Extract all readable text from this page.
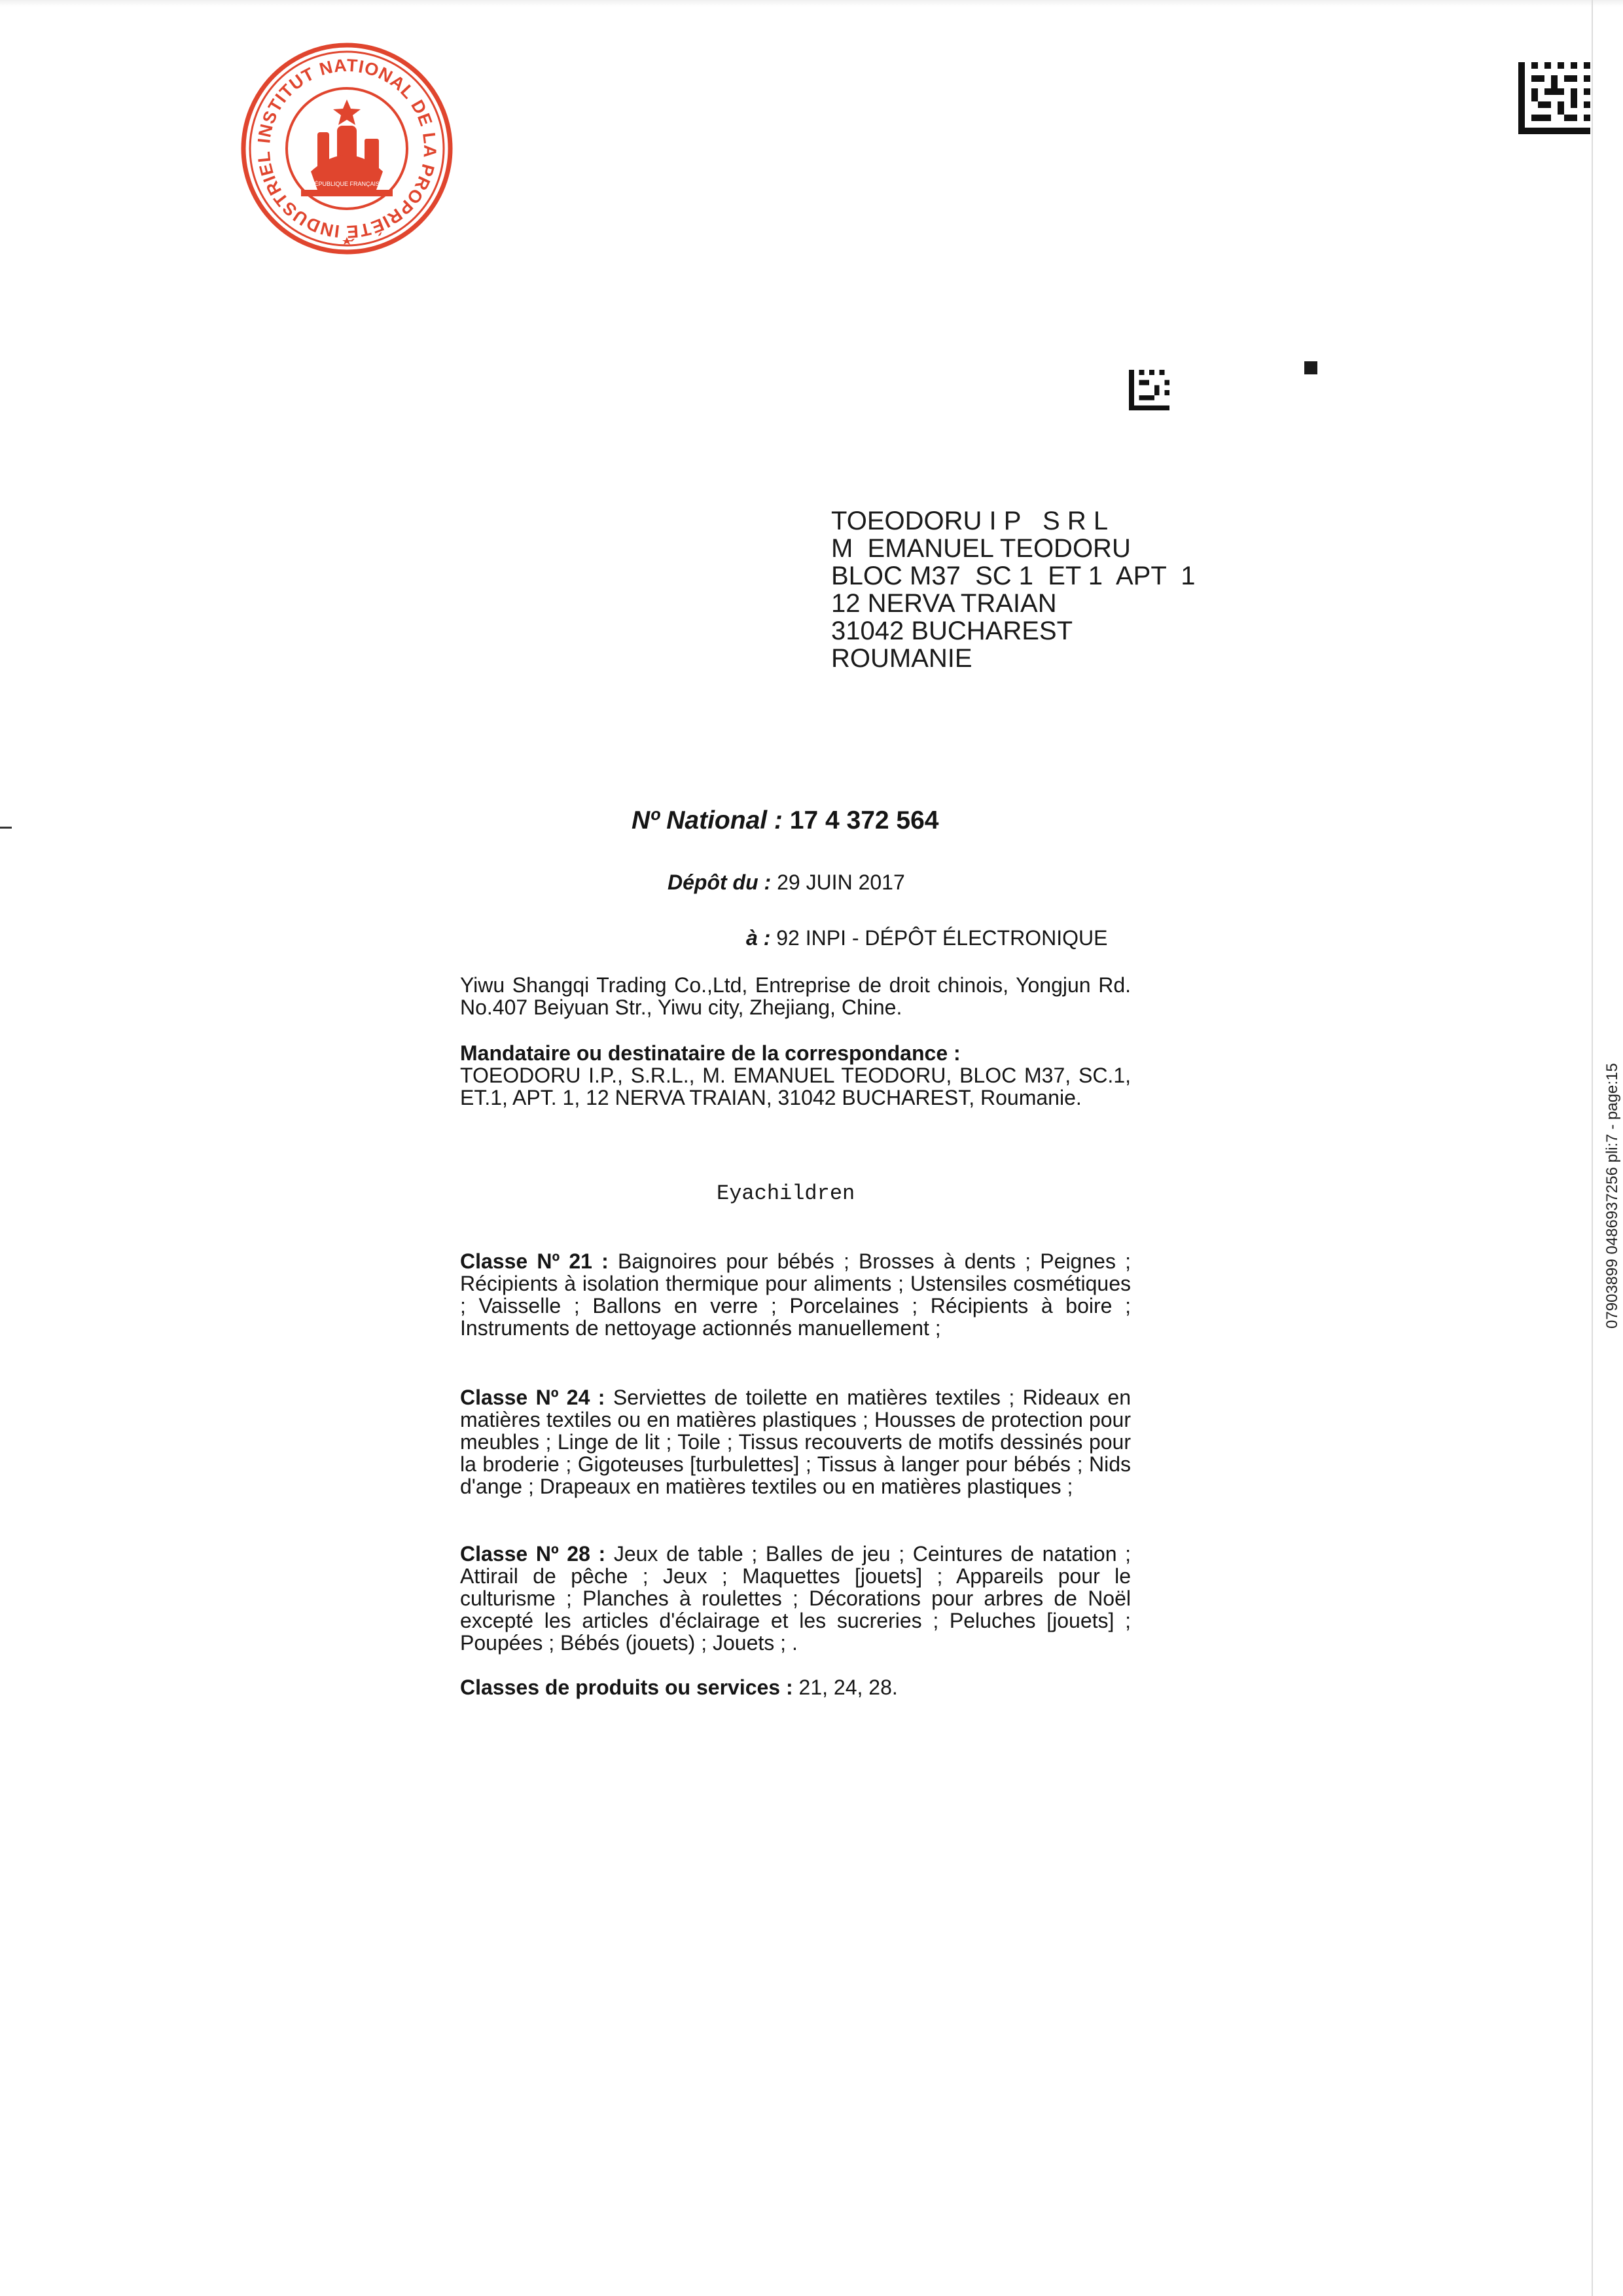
INSTITUT NATIONAL DE LA PROPRIÉTÉ INDUSTRIEL
RÉPUBLIQUE FRANÇAISE
TOEODORU I P   S R L
M  EMANUEL TEODORU
BLOC M37  SC 1  ET 1  APT  1
12 NERVA TRAIAN
31042 BUCHAREST
ROUMANIE
Nº National : 17 4 372 564
Dépôt du : 29 JUIN 2017
à : 92 INPI - DÉPÔT ÉLECTRONIQUE
Yiwu Shangqi Trading Co.,Ltd, Entreprise de droit chinois, Yongjun Rd. No.407 Beiyuan Str., Yiwu city, Zhejiang, Chine.
Mandataire ou destinataire de la correspondance :
TOEODORU I.P., S.R.L., M. EMANUEL TEODORU, BLOC M37, SC.1, ET.1, APT. 1, 12 NERVA TRAIAN, 31042 BUCHAREST, Roumanie.
Eyachildren
Classe Nº 21 : Baignoires pour bébés ; Brosses à dents ; Peignes ; Récipients à isolation thermique pour aliments ; Ustensiles cosmétiques ; Vaisselle ; Ballons en verre ; Porcelaines ; Récipients à boire ; Instruments de nettoyage actionnés manuellement ;
Classe Nº 24 : Serviettes de toilette en matières textiles ; Rideaux en matières textiles ou en matières plastiques ; Housses de protection pour meubles ; Linge de lit ; Toile ; Tissus recouverts de motifs dessinés pour la broderie ; Gigoteuses [turbulettes] ; Tissus à langer pour bébés ; Nids d'ange ; Drapeaux en matières textiles ou en matières plastiques ;
Classe Nº 28 : Jeux de table ; Balles de jeu ; Ceintures de natation ; Attirail de pêche ; Jeux ; Maquettes [jouets] ; Appareils pour le culturisme ; Planches à roulettes ; Décorations pour arbres de Noël excepté les articles d'éclairage et les sucreries ; Peluches [jouets] ; Poupées ; Bébés (jouets) ; Jouets ; .
Classes de produits ou services : 21, 24, 28.
07903899 0486937256 pli:7 - page:15
